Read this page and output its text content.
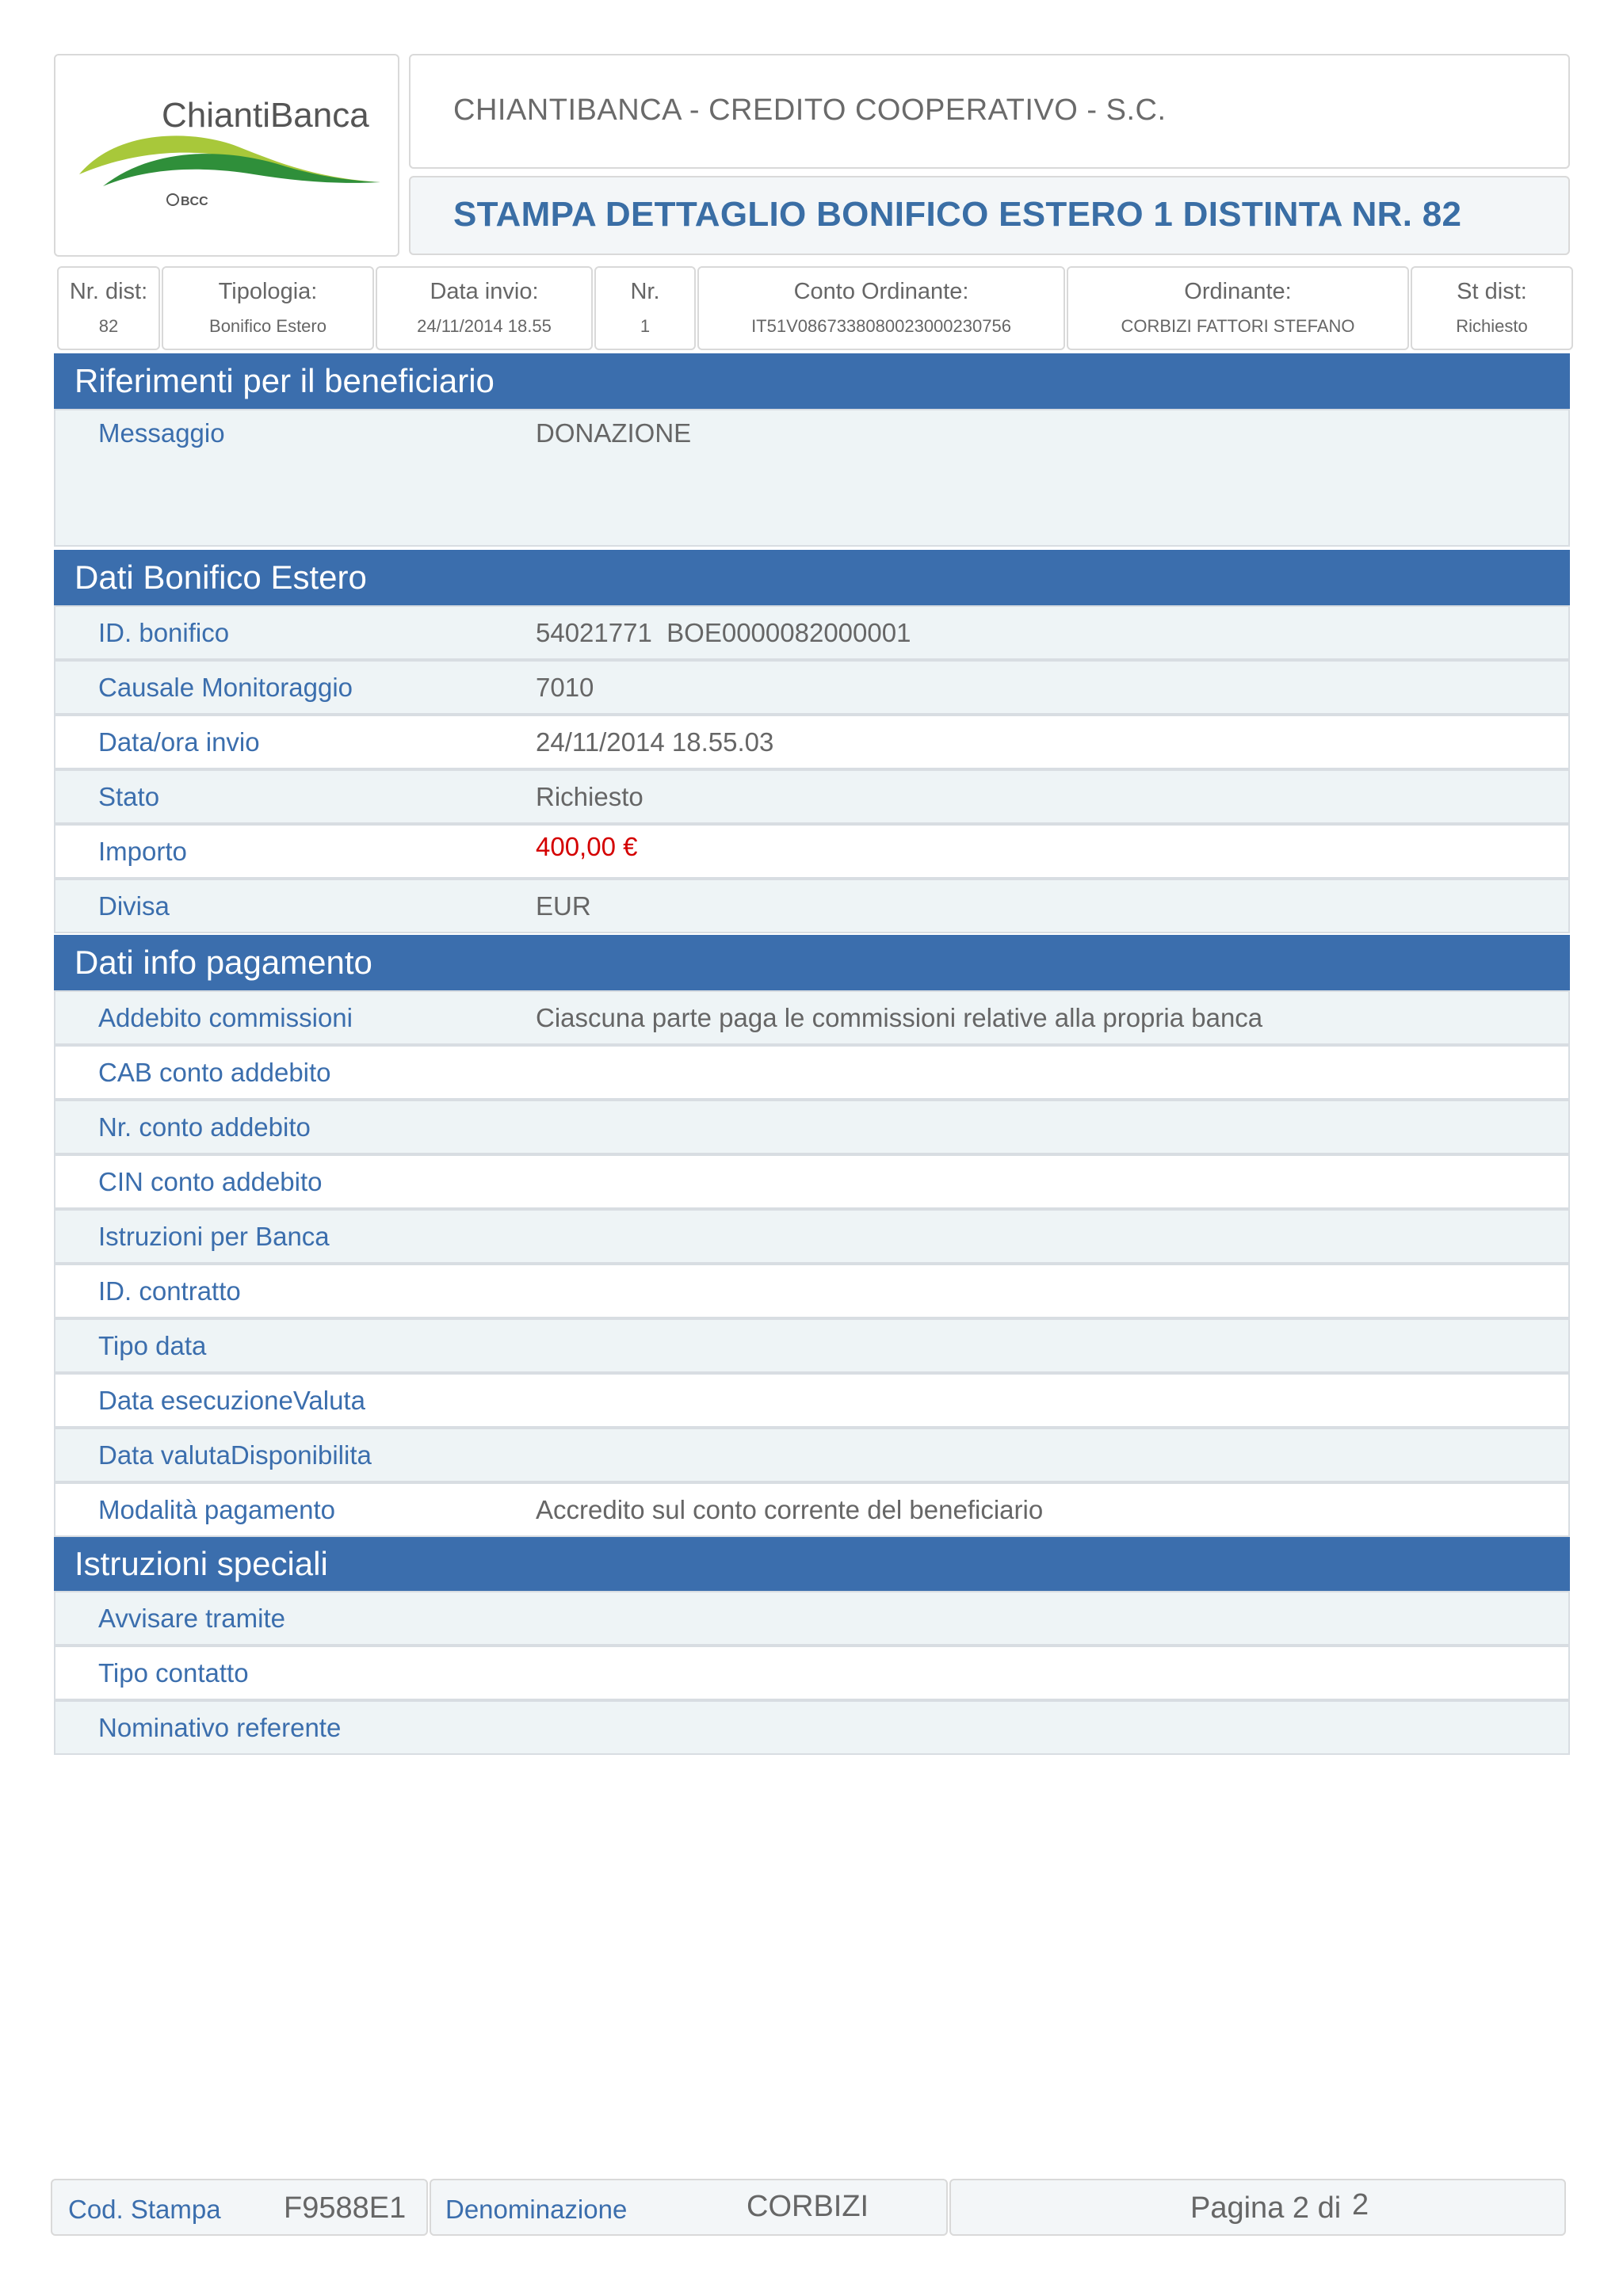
ChiantiBanca
BCC
CHIANTIBANCA - CREDITO COOPERATIVO - S.C.
STAMPA DETTAGLIO BONIFICO ESTERO 1 DISTINTA NR. 82
Nr. dist:
82
Tipologia:
Bonifico Estero
Data invio:
24/11/2014 18.55
Nr.
1
Conto Ordinante:
IT51V0867338080023000230756
Ordinante:
CORBIZI FATTORI STEFANO
St dist:
Richiesto
Riferimenti per il beneficiario
Messaggio	DONAZIONE
Dati Bonifico Estero
ID. bonifico	54021771  BOE0000082000001
Causale Monitoraggio	7010
Data/ora invio	24/11/2014 18.55.03
Stato	Richiesto
Importo	400,00 €
Divisa	EUR
Dati info pagamento
Addebito commissioni	Ciascuna parte paga le commissioni relative alla propria banca
CAB conto addebito
Nr. conto addebito
CIN conto addebito
Istruzioni per Banca
ID. contratto
Tipo data
Data esecuzioneValuta
Data valutaDisponibilita
Modalità pagamento	Accredito sul conto corrente del beneficiario
Istruzioni speciali
Avvisare tramite
Tipo contatto
Nominativo referente
Cod. Stampa F9588E1 Denominazione	CORBIZI	Pagina 2 di 2
